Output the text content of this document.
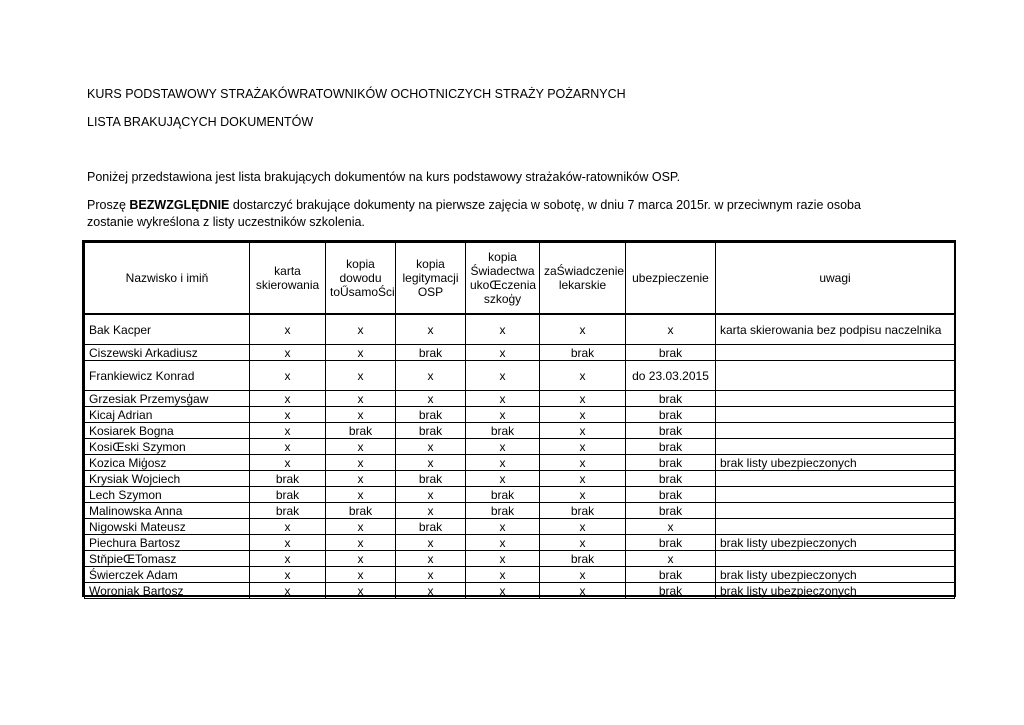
KURS PODSTAWOWY STRAŻAKÓWRATOWNIKÓW OCHOTNICZYCH STRAŻY POŻARNYCH
LISTA BRAKUJĄCYCH DOKUMENTÓW
Poniżej przedstawiona jest lista brakujących dokumentów na kurs podstawowy strażaków-ratowników OSP.
Proszę BEZWZGLĘDNIE dostarczyć brakujące dokumenty na pierwsze zajęcia w sobotę, w dniu 7 marca 2015r. w przeciwnym razie osoba zostanie wykreślona z listy uczestników szkolenia.
Nazwisko i imiň	karta skierowania	kopia dowodu toŰsamoŚci	kopia legitymacji OSP	kopia Świadectwa ukoŒczenia szkoģy	zaŚwiadczenie lekarskie	ubezpieczenie	uwagi
Bak Kacper	x	x	x	x	x	x	karta skierowania bez podpisu naczelnika
Ciszewski Arkadiusz	x	x	brak	x	brak	brak	
Frankiewicz Konrad	x	x	x	x	x	do 23.03.2015	
Grzesiak Przemysģaw	x	x	x	x	x	brak	
Kicaj Adrian	x	x	brak	x	x	brak	
Kosiarek Bogna	x	brak	brak	brak	x	brak	
KosiŒski Szymon	x	x	x	x	x	brak	
Kozica Miģosz	x	x	x	x	x	brak	brak listy ubezpieczonych
Krysiak Wojciech	brak	x	brak	x	x	brak	
Lech Szymon	brak	x	x	brak	x	brak	
Malinowska Anna	brak	brak	x	brak	brak	brak	
Nigowski Mateusz	x	x	brak	x	x	x	
Piechura Bartosz	x	x	x	x	x	brak	brak listy ubezpieczonych
StňpieŒTomasz	x	x	x	x	brak	x	
Świerczek Adam	x	x	x	x	x	brak	brak listy ubezpieczonych
Woroniak Bartosz	x	x	x	x	x	brak	brak listy ubezpieczonych
